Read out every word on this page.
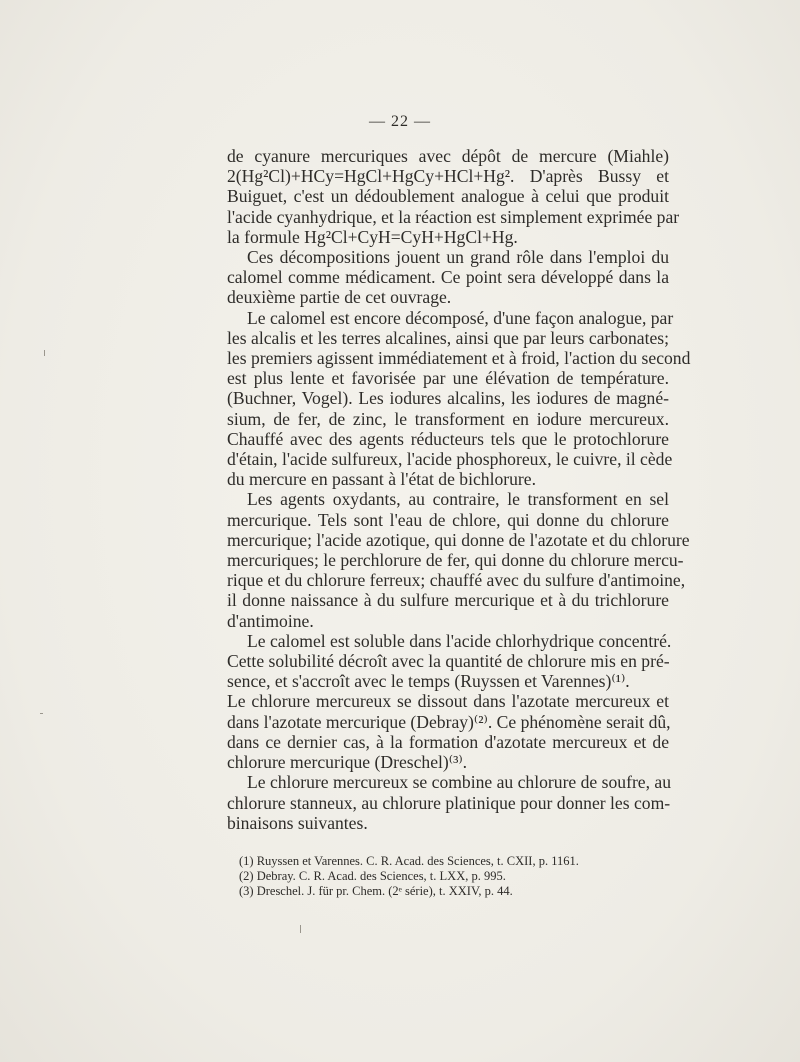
— 22 —

de cyanure mercuriques avec dépôt de mercure (Miahle)
2(Hg²Cl)+HCy=HgCl+HgCy+HCl+Hg². D'après Bussy et
Buiguet, c'est un dédoublement analogue à celui que produit
l'acide cyanhydrique, et la réaction est simplement exprimée par
la formule Hg²Cl+CyH=CyH+HgCl+Hg.

Ces décompositions jouent un grand rôle dans l'emploi du
calomel comme médicament. Ce point sera développé dans la
deuxième partie de cet ouvrage.

Le calomel est encore décomposé, d'une façon analogue, par
les alcalis et les terres alcalines, ainsi que par leurs carbonates;
les premiers agissent immédiatement et à froid, l'action du second
est plus lente et favorisée par une élévation de température.
(Buchner, Vogel). Les iodures alcalins, les iodures de magné-
sium, de fer, de zinc, le transforment en iodure mercureux.
Chauffé avec des agents réducteurs tels que le protochlorure
d'étain, l'acide sulfureux, l'acide phosphoreux, le cuivre, il cède
du mercure en passant à l'état de bichlorure.

Les agents oxydants, au contraire, le transforment en sel
mercurique. Tels sont l'eau de chlore, qui donne du chlorure
mercurique; l'acide azotique, qui donne de l'azotate et du chlorure
mercuriques; le perchlorure de fer, qui donne du chlorure mercu-
rique et du chlorure ferreux; chauffé avec du sulfure d'antimoine,
il donne naissance à du sulfure mercurique et à du trichlorure
d'antimoine.

Le calomel est soluble dans l'acide chlorhydrique concentré.
Cette solubilité décroît avec la quantité de chlorure mis en pré-
sence, et s'accroît avec le temps (Ruyssen et Varennes)⁽¹⁾.

Le chlorure mercureux se dissout dans l'azotate mercureux et
dans l'azotate mercurique (Debray)⁽²⁾. Ce phénomène serait dû,
dans ce dernier cas, à la formation d'azotate mercureux et de
chlorure mercurique (Dreschel)⁽³⁾.

Le chlorure mercureux se combine au chlorure de soufre, au
chlorure stanneux, au chlorure platinique pour donner les com-
binaisons suivantes.

(1) Ruyssen et Varennes. C. R. Acad. des Sciences, t. CXII, p. 1161.
(2) Debray. C. R. Acad. des Sciences, t. LXX, p. 995.
(3) Dreschel. J. für pr. Chem. (2ᵉ série), t. XXIV, p. 44.
